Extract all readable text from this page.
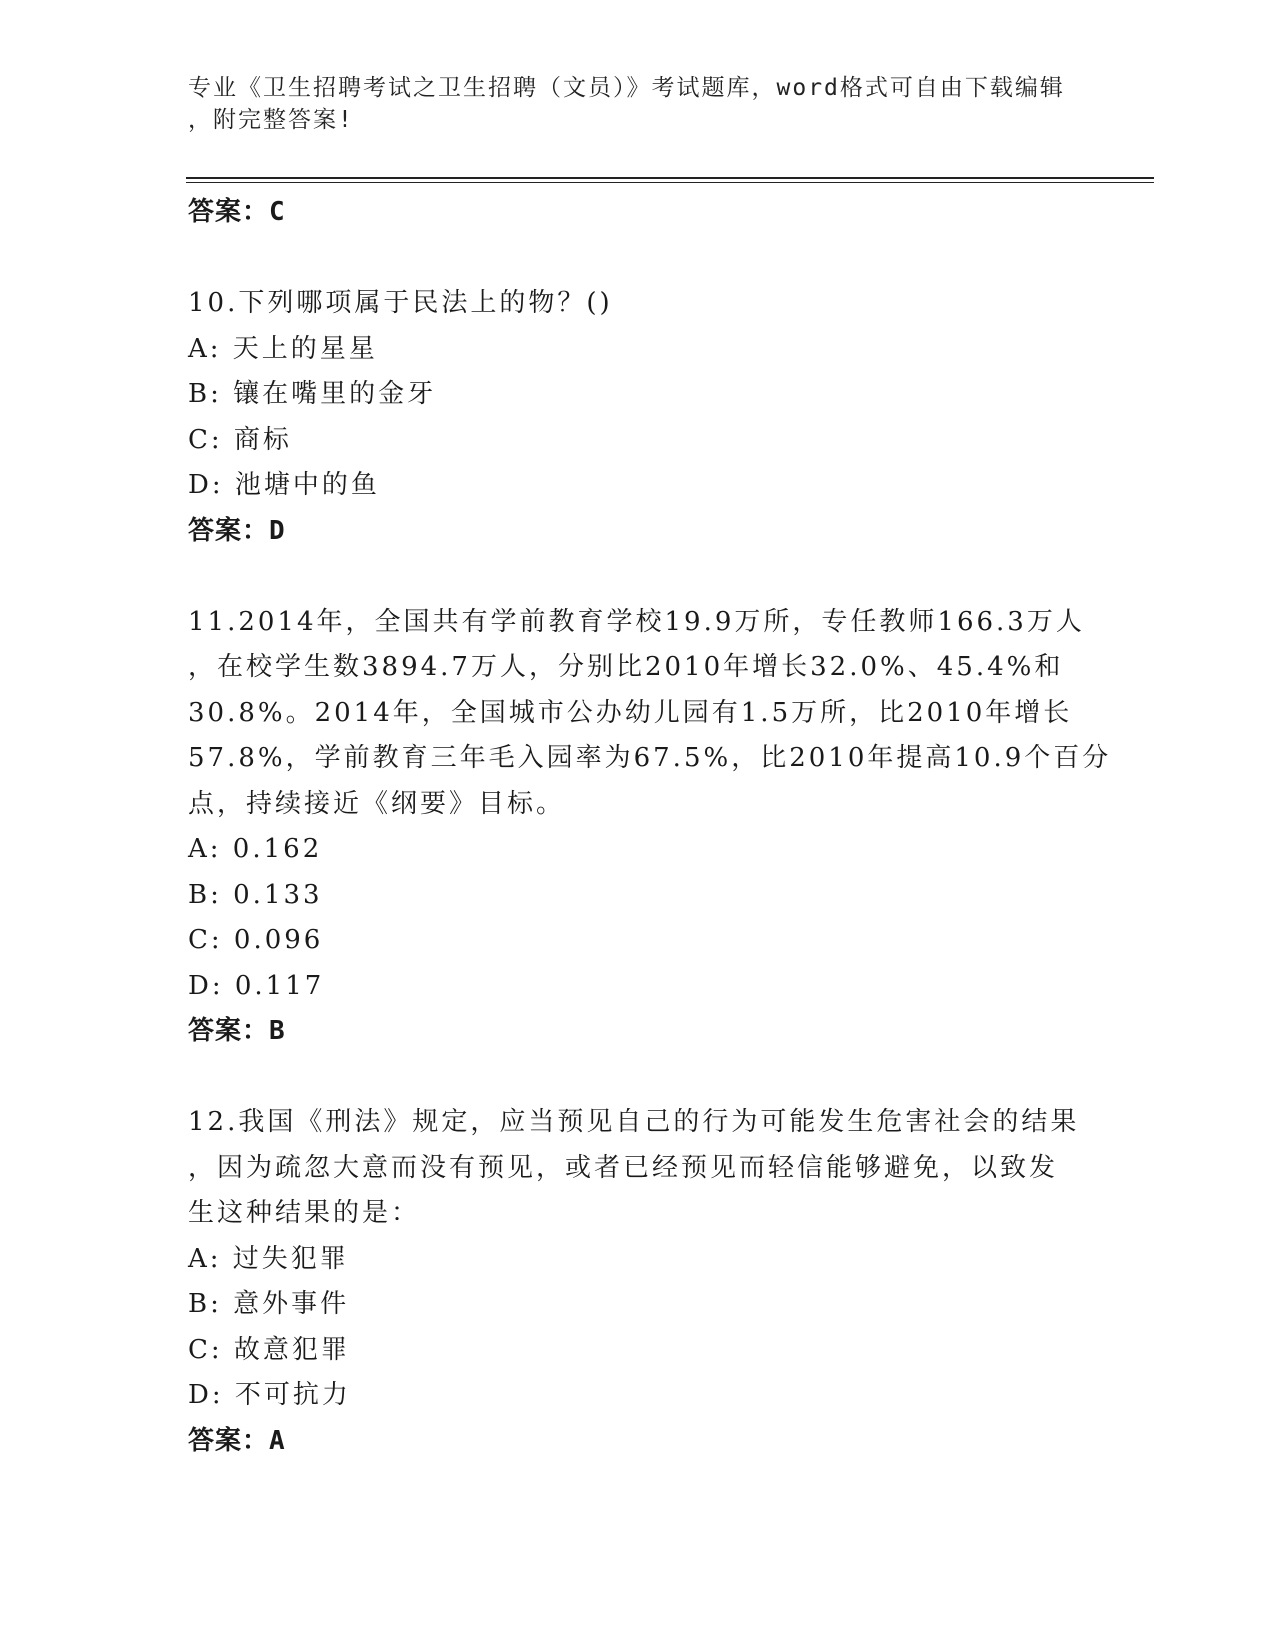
专业《卫生招聘考试之卫生招聘（文员）》考试题库，word格式可自由下载编辑
，附完整答案!
答案：C
10.下列哪项属于民法上的物？()
A: 天上的星星
B: 镶在嘴里的金牙
C: 商标
D: 池塘中的鱼
答案：D
11.2014年，全国共有学前教育学校19.9万所，专任教师166.3万人
，在校学生数3894.7万人，分别比2010年增长32.0%、45.4%和
30.8%。2014年，全国城市公办幼儿园有1.5万所，比2010年增长
57.8%，学前教育三年毛入园率为67.5%，比2010年提高10.9个百分
点，持续接近《纲要》目标。
A: 0.162
B: 0.133
C: 0.096
D: 0.117
答案：B
12.我国《刑法》规定，应当预见自己的行为可能发生危害社会的结果
，因为疏忽大意而没有预见，或者已经预见而轻信能够避免，以致发
生这种结果的是：
A: 过失犯罪
B: 意外事件
C: 故意犯罪
D: 不可抗力
答案：A
